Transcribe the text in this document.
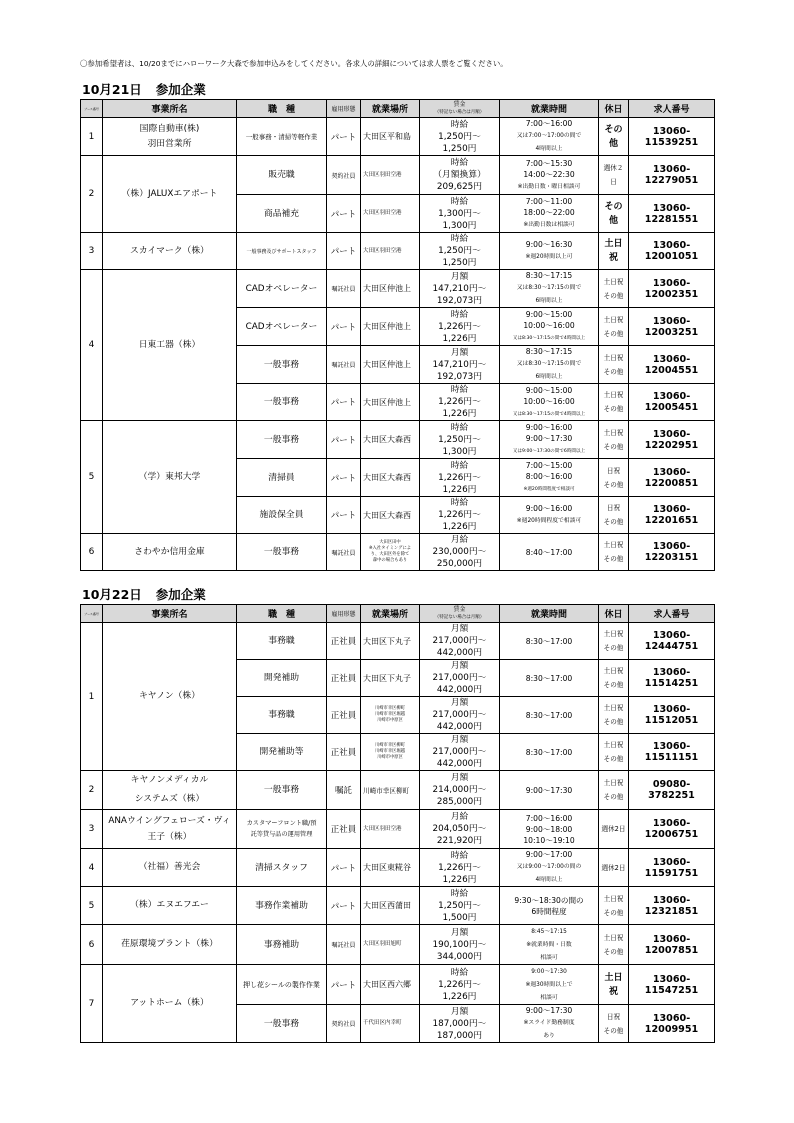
〇参加希望者は、10/20までにハローワーク大森で参加申込みをしてください。各求人の詳細については求人票をご覧ください。
10月21日 参加企業
ブース番号	事業所名	職　種	雇用形態	就業場所	賃金
（特記ない場合は月額）	就業時間	休日	求人番号
1	国際自動車(株)
羽田営業所	一般事務・清掃等軽作業	パート	大田区平和島	時給
1,250円～
1,250円	7:00～16:00
又は7:00～17:00の間で
4時間以上	その他	13060-11539251
2	（株）JALUXエアポート	販売職	契約社員	大田区羽田空港	時給
（月額換算）
209,625円	7:00～15:30
14:00～22:30
※出勤日数・曜日相談可	週休２日	13060-12279051
		商品補充	パート	大田区羽田空港	時給
1,300円～
1,300円	7:00～11:00
18:00～22:00
※出勤日数は相談可	その他	13060-12281551
3	スカイマーク（株）	一般事務及びサポートスタッフ	パート	大田区羽田空港	時給
1,250円～
1,250円	9:00～16:30
※週20時間以上可	土日祝	13060-12001051
4	日東工器（株）	CADオペレーター	嘱託社員	大田区仲池上	月額
147,210円～
192,073円	8:30～17:15
又は8:30～17:15の間で
6時間以上	土日祝
その他	13060-12002351
		CADオペレーター	パート	大田区仲池上	時給
1,226円～
1,226円	9:00～15:00
10:00～16:00
又は8:30～17:15の間で4時間以上	土日祝
その他	13060-12003251
		一般事務	嘱託社員	大田区仲池上	月額
147,210円～
192,073円	8:30～17:15
又は8:30～17:15の間で
6時間以上	土日祝
その他	13060-12004551
		一般事務	パート	大田区仲池上	時給
1,226円～
1,226円	9:00～15:00
10:00～16:00
又は8:30～17:15の間で4時間以上	土日祝
その他	13060-12005451
5	（学）東邦大学	一般事務	パート	大田区大森西	時給
1,250円～
1,300円	9:00～16:00
9:00～17:30
又は9:00～17:30の間で6時間以上	土日祝
その他	13060-12202951
		清掃員	パート	大田区大森西	時給
1,226円～
1,226円	7:00～15:00
8:00～16:00
※週20時間程度で相談可	日祝
その他	13060-12200851
		施設保全員	パート	大田区大森西	時給
1,226円～
1,226円	9:00～16:00
※週20時間程度で相談可	日祝
その他	13060-12201651
6	さわやか信用金庫	一般事務	嘱託社員	大田区田中
※入社タイミングによ
り、大田区外を除て
森中の場合もあり	月給
230,000円～
250,000円	8:40～17:00	土日祝
その他	13060-12203151
10月22日 参加企業
ブース番号	事業所名	職　種	雇用形態	就業場所	賃金
（特記ない場合は月額）	就業時間	休日	求人番号
1	キヤノン（株）	事務職	正社員	大田区下丸子	月額
217,000円～
442,000円	8:30～17:00	土日祝
その他	13060-12444751
		開発補助	正社員	大田区下丸子	月額
217,000円～
442,000円	8:30～17:00	土日祝
その他	13060-11514251
		事務職	正社員	川崎市幸区柳町
川崎市幸区堀越
川崎市中原区	月額
217,000円～
442,000円	8:30～17:00	土日祝
その他	13060-11512051
		開発補助等	正社員	川崎市幸区柳町
川崎市幸区堀越
川崎市中原区	月額
217,000円～
442,000円	8:30～17:00	土日祝
その他	13060-11511151
2	キヤノンメディカル
システムズ（株）	一般事務	嘱託	川崎市幸区柳町	月額
214,000円～
285,000円	9:00～17:30	土日祝
その他	09080-3782251
3	ANAウイングフェローズ・ヴィ王子（株）	カスタマーフロント職/預
託等貸与品の運用管理	正社員	大田区羽田空港	月給
204,050円～
221,920円	7:00～16:00
9:00～18:00
10:10～19:10	週休2日	13060-12006751
4	（社福）善光会	清掃スタッフ	パート	大田区東糀谷	時給
1,226円～
1,226円	9:00～17:00
又は9:00～17:00の間の
4時間以上	週休2日	13060-11591751
5	（株）エヌエフエー	事務作業補助	パート	大田区西蒲田	時給
1,250円～
1,500円	9:30～18:30の間の
6時間程度	土日祝
その他	13060-12321851
6	荏原環境プラント（株）	事務補助	嘱託社員	大田区羽田旭町	月額
190,100円～
344,000円	8:45～17:15
※就業時間・日数
相談可	土日祝
その他	13060-12007851
7	アットホーム（株）	押し花シールの製作作業	パート	大田区西六郷	時給
1,226円～
1,226円	9:00～17:30
※週30時間以上で
相談可	土日祝	13060-11547251
		一般事務	契約社員	千代田区内幸町	月額
187,000円～
187,000円	9:00～17:30
※スライド勤務制度
あり	日祝
その他	13060-12009951
